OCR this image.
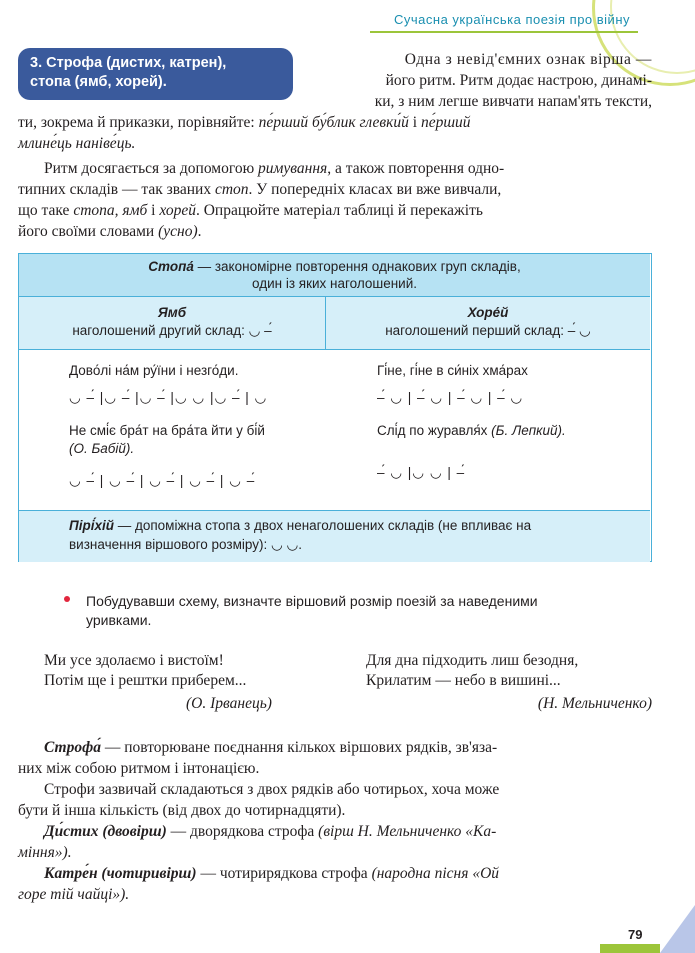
Сучасна українська поезія про війну
3. Строфа (дистих, катрен),
стопа (ямб, хорей).
Одна з невід'ємних ознак вірша —
його ритм. Ритм додає настрою, динамі-
ки, з ним легше вивчати напам'ять тексти,
ти, зокрема й приказки, порівняйте: пе́рший бу́блик глевки́й і пе́рший
млине́ць наніве́ць.
Ритм досягається за допомогою римування, а також повторення одно-
типних складів — так званих стоп. У попередніх класах ви вже вивчали,
що таке стопа, ямб і хорей. Опрацюйте матеріал таблиці й перекажіть
його своїми словами (усно).
Стопа́ — закономірне повторення однакових груп складів,
один із яких наголошений.
Ямб
наголошений другий склад: ◡ –́
Хоре́й
наголошений перший склад: –́ ◡
Дово́лі на́м ру́їни і незго́ди.
◡ –́ |◡ –́ |◡ –́ |◡ ◡ |◡ –́ | ◡
Не смі́є бра́т на бра́та йти у бі́й
(О. Бабій).
◡ –́ | ◡ –́ | ◡ –́ | ◡ –́ | ◡ –́
Гі́не, гі́не в си́ніх хма́рах
–́ ◡ | –́ ◡ | –́ ◡ | –́ ◡
Слі́д по журавля́х (Б. Лепкий).
–́ ◡ |◡ ◡ | –́
Пірі́хій — допоміжна стопа з двох ненаголошених складів (не впливає на
визначення віршового розміру): ◡ ◡.
Побудувавши схему, визначте віршовий розмір поезій за наведеними
уривками.
Ми усе здолаємо і вистоїм!
Потім ще і рештки приберем...
(О. Ірванець)
Для дна підходить лиш безодня,
Крилатим — небо в вишині...
(Н. Мельниченко)
Строфа́ — повторюване поєднання кількох віршових рядків, зв'яза-
них між собою ритмом і інтонацією.
Строфи зазвичай складаються з двох рядків або чотирьох, хоча може
бути й інша кількість (від двох до чотирнадцяти).
Ди́стих (двовірш) — дворядкова строфа (вірш Н. Мельниченко «Ка-
міння»).
Катре́н (чотиривірш) — чотирирядкова строфа (народна пісня «Ой
горе тій чайці»).
79
